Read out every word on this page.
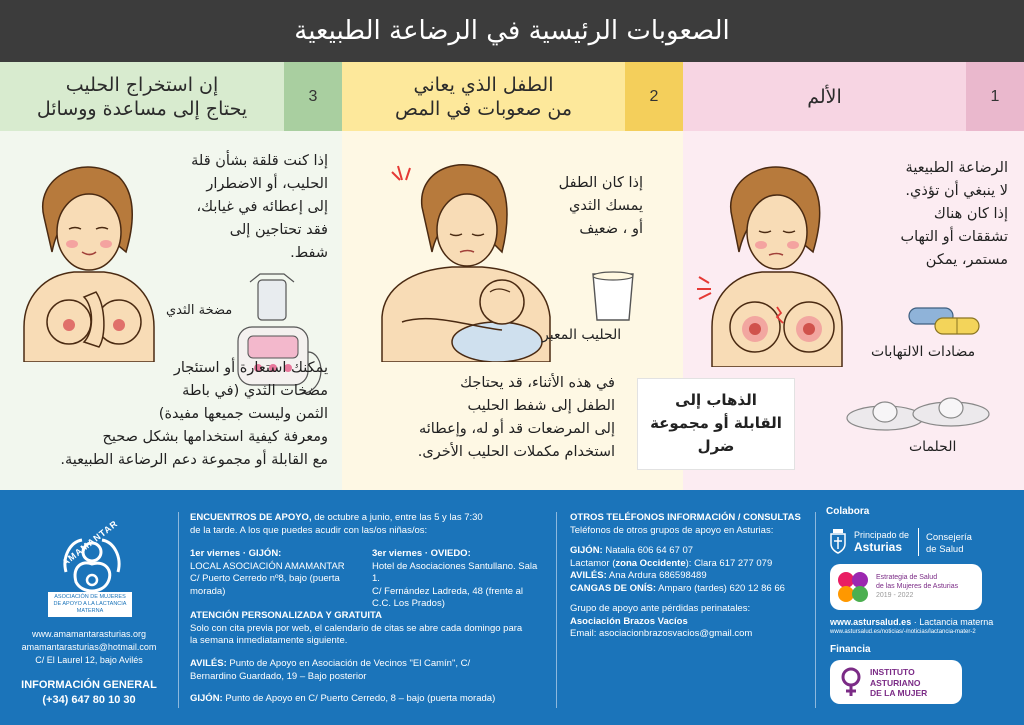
الصعوبات الرئيسية في الرضاعة الطبيعية
إن استخراج الحليب
يحتاج إلى مساعدة ووسائل
3
إذا كنت قلقة بشأن قلة
الحليب، أو الاضطرار
إلى إعطائه في غيابك،
فقد تحتاجين إلى
شفط.
مضخة الثدي
يمكنك استعارة أو استئجار
مضخات الثدي (في باطة
الثمن وليست جميعها مفيدة)
ومعرفة كيفية استخدامها بشكل صحيح
مع القابلة أو مجموعة دعم الرضاعة الطبيعية.
الطفل الذي يعاني
من صعوبات في المص
2
إذا كان الطفل
يمسك الثدي
أو ، ضعيف
الحليب المعبر
في هذه الأثناء، قد يحتاجك
الطفل إلى شفط الحليب
إلى المرضعات قد أو له، وإعطائه
استخدام مكملات الحليب الأخرى.
الألم	1
الرضاعة الطبيعية
لا ينبغي أن تؤذي.
إذا كان هناك
تشققات أو التهاب
مستمر، يمكن
مضادات الالتهابات
الحلمات
الذهاب إلى
القابلة أو مجموعة
ضرل
AMAMANTAR
ASOCIACIÓN DE MUJERES DE APOYO A LA LACTANCIA MATERNA
www.amamantarasturias.org
amamantarasturias@hotmail.com
C/ El Laurel 12, bajo Avilés
INFORMACIÓN GENERAL
(+34) 647 80 10 30
ENCUENTROS DE APOYO, de octubre a junio, entre las 5 y las 7:30 de la tarde. A los que puedes acudir con las/os niñas/os:
1er viernes · GIJÓN:
LOCAL ASOCIACIÓN AMAMANTAR
C/ Puerto Cerredo nº8, bajo (puerta morada)
3er viernes · OVIEDO:
Hotel de Asociaciones Santullano. Sala 1.
C/ Fernández Ladreda, 48 (frente al C.C. Los Prados)
ATENCIÓN PERSONALIZADA Y GRATUITA
Solo con cita previa por web, el calendario de citas se abre cada domingo para la semana inmediatamente siguiente.
AVILÉS: Punto de Apoyo en Asociación de Vecinos "El Camín", C/ Bernardino Guardado, 19 – Bajo posterior
GIJÓN: Punto de Apoyo en C/ Puerto Cerredo, 8 – bajo (puerta morada)
OTROS TELÉFONOS INFORMACIÓN / CONSULTAS
Teléfonos de otros grupos de apoyo en Asturias:
GIJÓN: Natalia 606 64 67 07
Lactamor (zona Occidente): Clara 617 277 079
AVILÉS: Ana Ardura 686598489
CANGAS DE ONÍS: Amparo (tardes) 620 12 86 66
Grupo de apoyo ante pérdidas perinatales:
Asociación Brazos Vacíos
Email: asociacionbrazosvacios@gmail.com
Colabora
Principado de
Asturias
Consejería
de Salud
Estrategia de Salud
de las Mujeres de Asturias
2019 - 2022
www.astursalud.es · Lactancia materna
www.astursalud.es/noticias/-/noticias/lactancia-mater-2
Financia
INSTITUTO
ASTURIANO
DE LA MUJER
